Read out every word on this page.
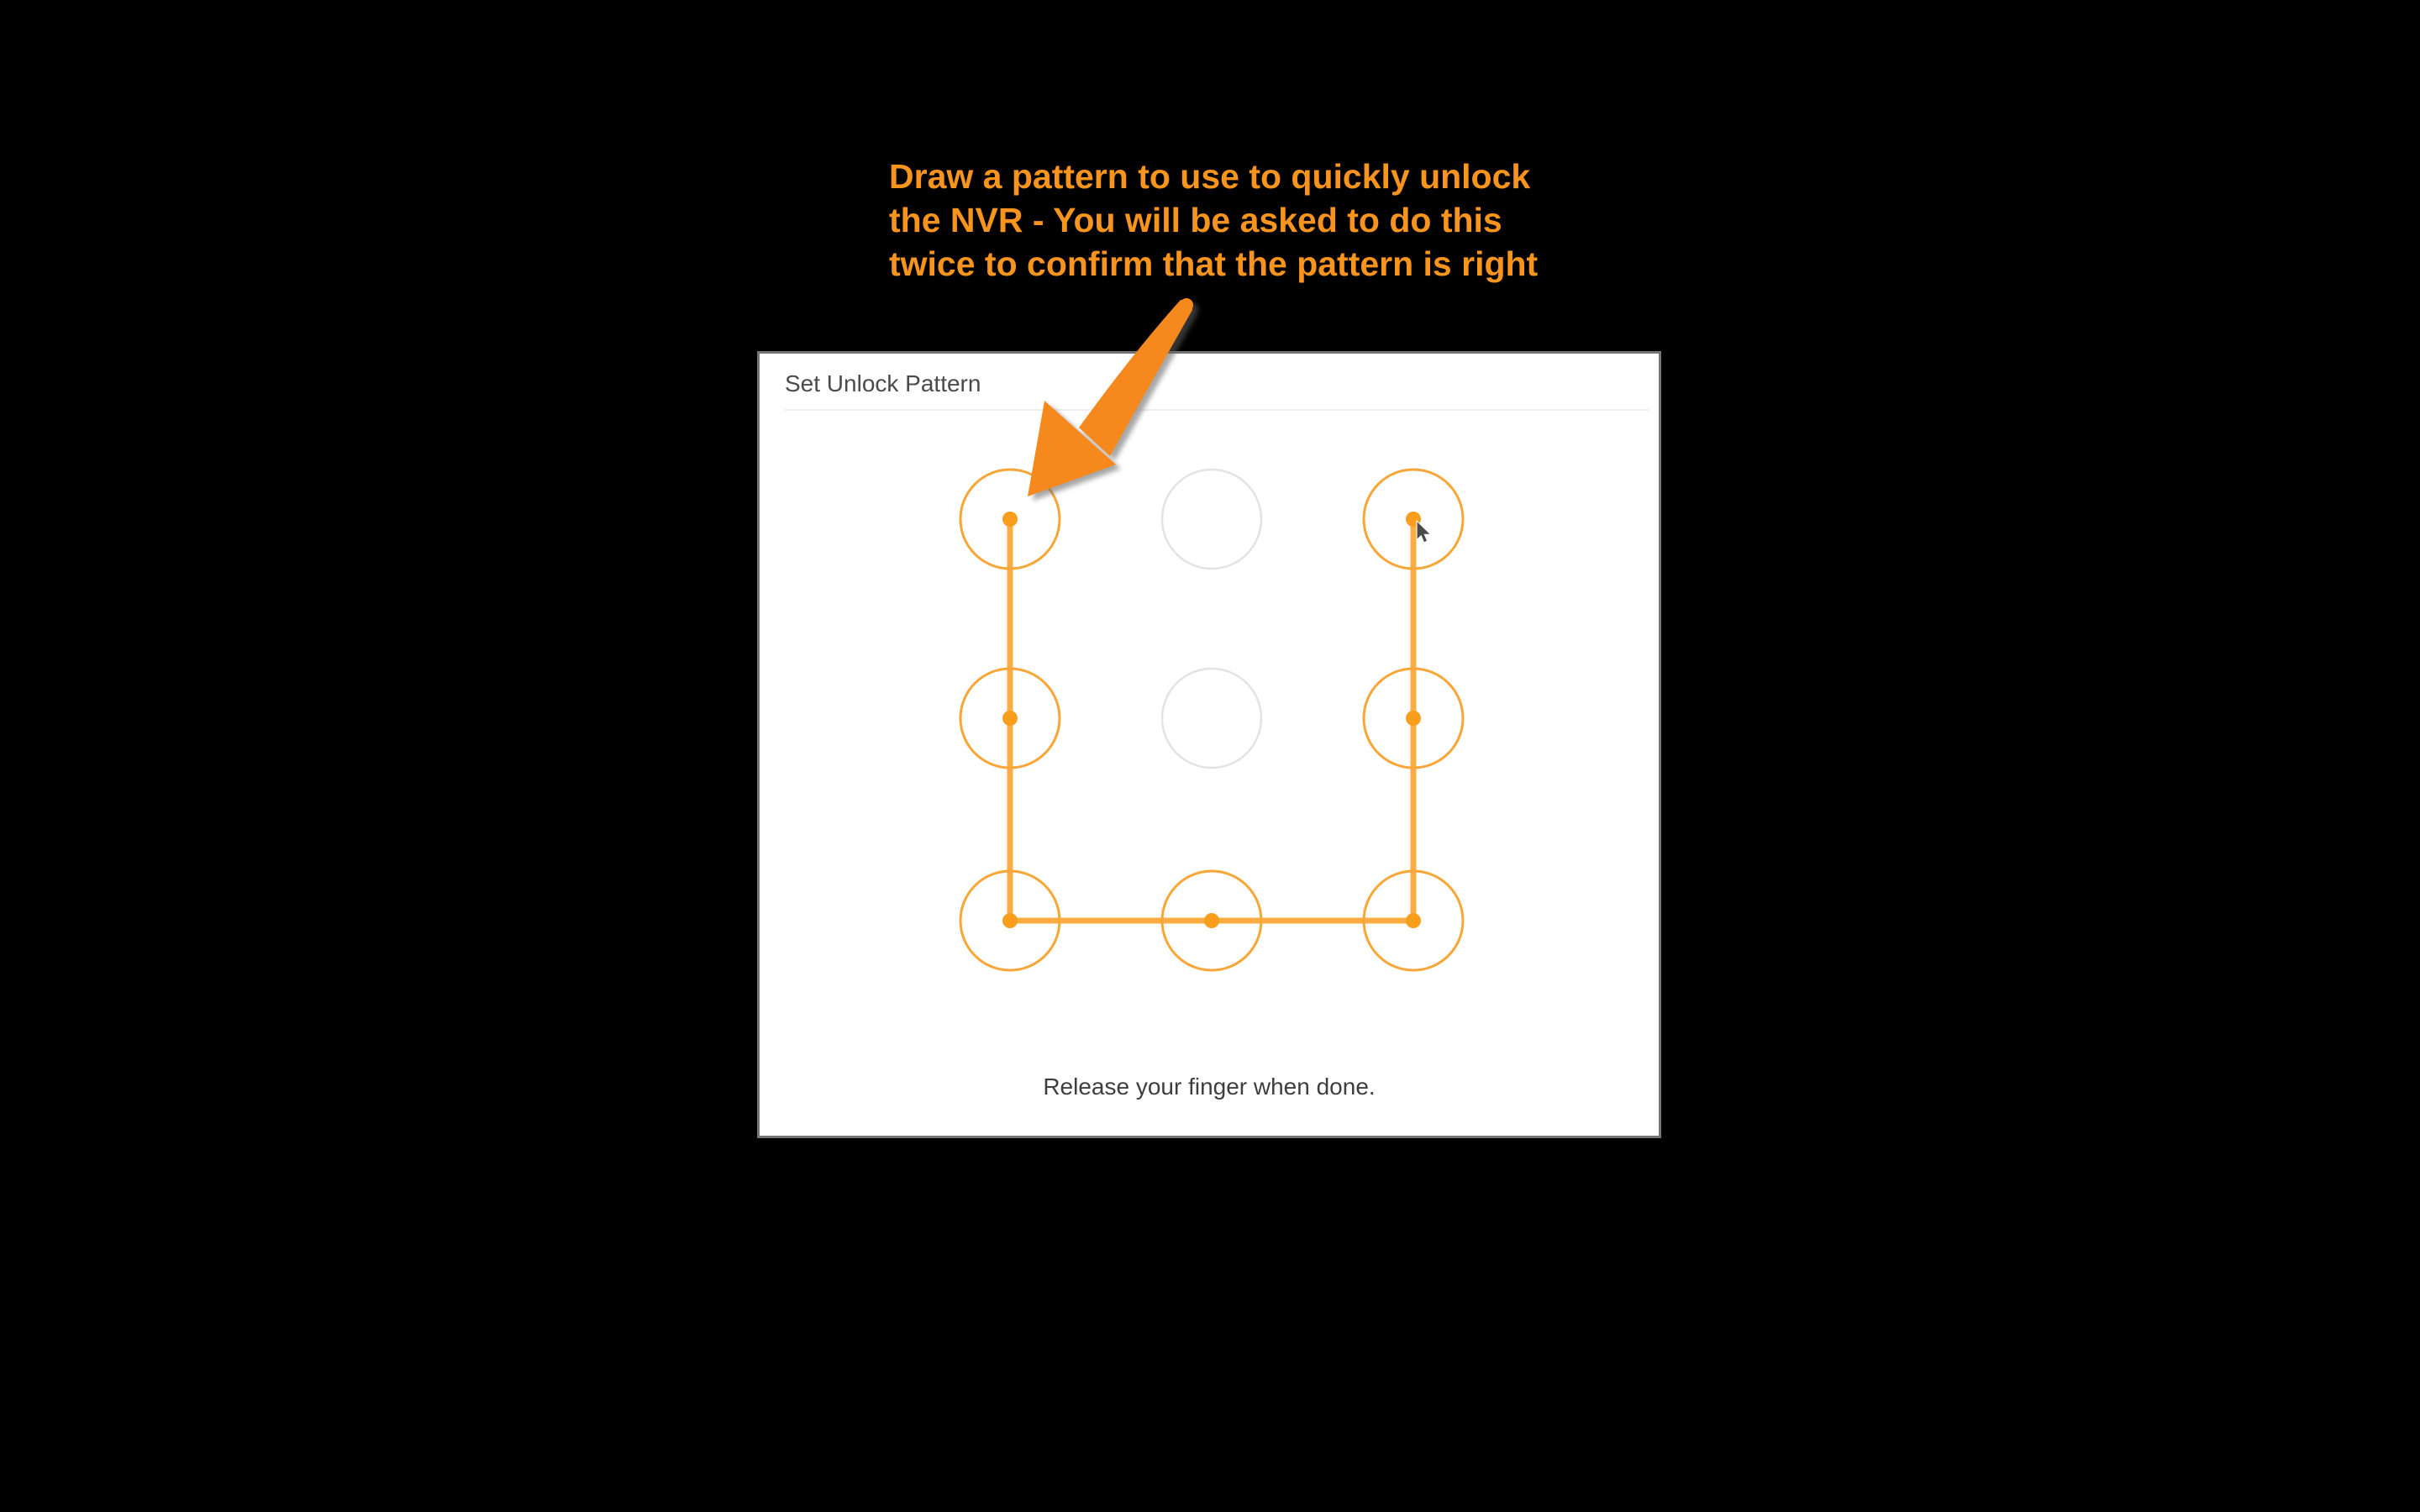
Draw a pattern to use to quickly unlock
the NVR - You will be asked to do this
twice to confirm that the pattern is right
Set Unlock Pattern
Release your finger when done.
